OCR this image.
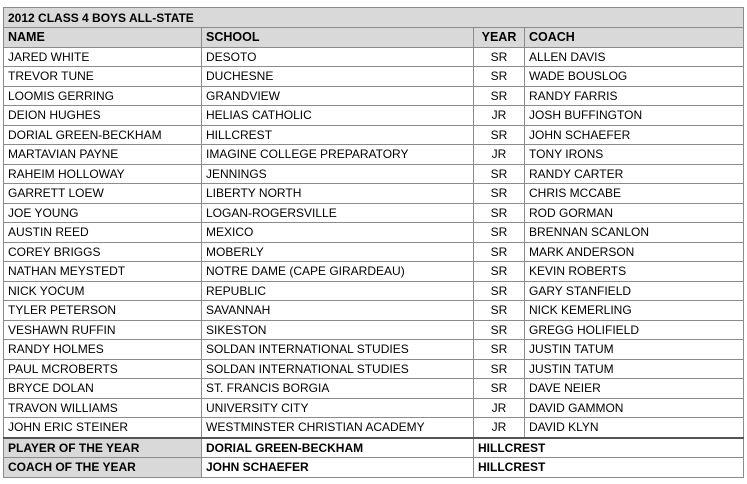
2012 CLASS 4 BOYS ALL-STATE			
NAME	SCHOOL	YEAR	COACH
JARED WHITE	DESOTO	SR	ALLEN DAVIS
TREVOR TUNE	DUCHESNE	SR	WADE BOUSLOG
LOOMIS GERRING	GRANDVIEW	SR	RANDY FARRIS
DEION HUGHES	HELIAS CATHOLIC	JR	JOSH BUFFINGTON
DORIAL GREEN-BECKHAM	HILLCREST	SR	JOHN SCHAEFER
MARTAVIAN PAYNE	IMAGINE COLLEGE PREPARATORY	JR	TONY IRONS
RAHEIM HOLLOWAY	JENNINGS	SR	RANDY CARTER
GARRETT LOEW	LIBERTY NORTH	SR	CHRIS MCCABE
JOE YOUNG	LOGAN-ROGERSVILLE	SR	ROD GORMAN
AUSTIN REED	MEXICO	SR	BRENNAN SCANLON
COREY BRIGGS	MOBERLY	SR	MARK ANDERSON
NATHAN MEYSTEDT	NOTRE DAME (CAPE GIRARDEAU)	SR	KEVIN ROBERTS
NICK YOCUM	REPUBLIC	SR	GARY STANFIELD
TYLER PETERSON	SAVANNAH	SR	NICK KEMERLING
VESHAWN RUFFIN	SIKESTON	SR	GREGG HOLIFIELD
RANDY HOLMES	SOLDAN INTERNATIONAL STUDIES	SR	JUSTIN TATUM
PAUL MCROBERTS	SOLDAN INTERNATIONAL STUDIES	SR	JUSTIN TATUM
BRYCE DOLAN	ST. FRANCIS BORGIA	SR	DAVE NEIER
TRAVON WILLIAMS	UNIVERSITY CITY	JR	DAVID GAMMON
JOHN ERIC STEINER	WESTMINSTER CHRISTIAN ACADEMY	JR	DAVID KLYN
PLAYER OF THE YEAR	DORIAL GREEN-BECKHAM	HILLCREST	
COACH OF THE YEAR	JOHN SCHAEFER	HILLCREST	
